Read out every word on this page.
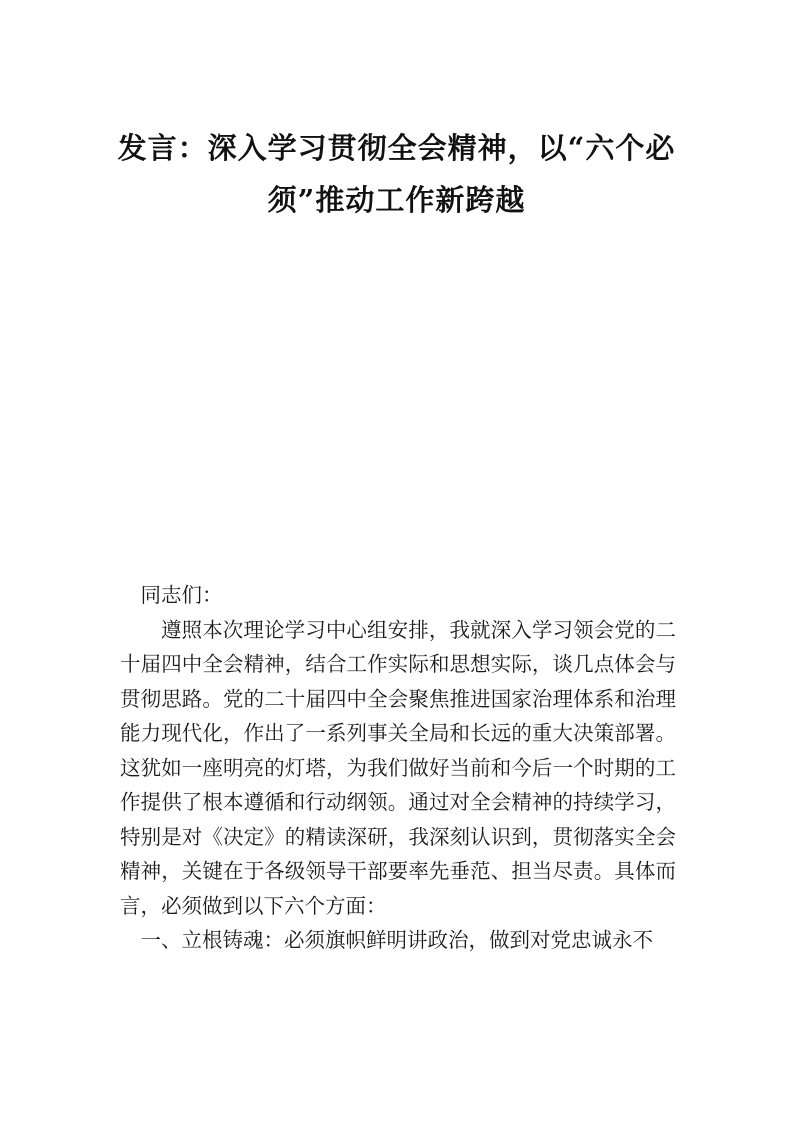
发言：深入学习贯彻全会精神，以“六个必
须”推动工作新跨越

同志们：

遵照本次理论学习中心组安排，我就深入学习领会党的二十届四中全会精神，结合工作实际和思想实际，谈几点体会与贯彻思路。党的二十届四中全会聚焦推进国家治理体系和治理能力现代化，作出了一系列事关全局和长远的重大决策部署。这犹如一座明亮的灯塔，为我们做好当前和今后一个时期的工作提供了根本遵循和行动纲领。通过对全会精神的持续学习，特别是对《决定》的精读深研，我深刻认识到，贯彻落实全会精神，关键在于各级领导干部要率先垂范、担当尽责。具体而言，必须做到以下六个方面：

一、立根铸魂：必须旗帜鲜明讲政治，做到对党忠诚永不
